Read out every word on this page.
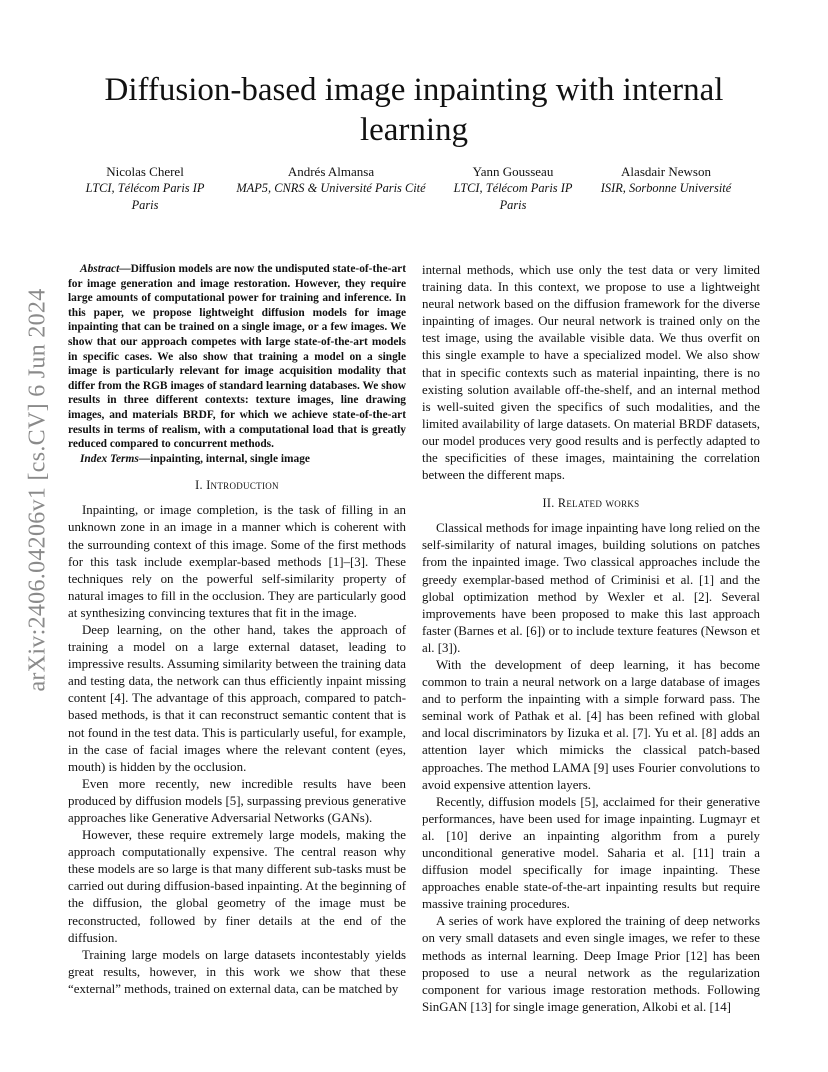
arXiv:2406.04206v1 [cs.CV] 6 Jun 2024
Diffusion-based image inpainting with internal learning
Nicolas Cherel
LTCI, Télécom Paris IP Paris
Andrés Almansa
MAP5, CNRS & Université Paris Cité
Yann Gousseau
LTCI, Télécom Paris IP Paris
Alasdair Newson
ISIR, Sorbonne Université

Abstract—Diffusion models are now the undisputed state-of-the-art for image generation and image restoration. However, they require large amounts of computational power for training and inference. In this paper, we propose lightweight diffusion models for image inpainting that can be trained on a single image, or a few images. We show that our approach competes with large state-of-the-art models in specific cases. We also show that training a model on a single image is particularly relevant for image acquisition modality that differ from the RGB images of standard learning databases. We show results in three different contexts: texture images, line drawing images, and materials BRDF, for which we achieve state-of-the-art results in terms of realism, with a computational load that is greatly reduced compared to concurrent methods.

Index Terms—inpainting, internal, single image

I. Introduction

Inpainting, or image completion, is the task of filling in an unknown zone in an image in a manner which is coherent with the surrounding context of this image. Some of the first methods for this task include exemplar-based methods [1]–[3]. These techniques rely on the powerful self-similarity property of natural images to fill in the occlusion. They are particularly good at synthesizing convincing textures that fit in the image.

Deep learning, on the other hand, takes the approach of training a model on a large external dataset, leading to impressive results. Assuming similarity between the training data and testing data, the network can thus efficiently inpaint missing content [4]. The advantage of this approach, compared to patch-based methods, is that it can reconstruct semantic content that is not found in the test data. This is particularly useful, for example, in the case of facial images where the relevant content (eyes, mouth) is hidden by the occlusion.

Even more recently, new incredible results have been produced by diffusion models [5], surpassing previous generative approaches like Generative Adversarial Networks (GANs).

However, these require extremely large models, making the approach computationally expensive. The central reason why these models are so large is that many different sub-tasks must be carried out during diffusion-based inpainting. At the beginning of the diffusion, the global geometry of the image must be reconstructed, followed by finer details at the end of the diffusion.

Training large models on large datasets incontestably yields great results, however, in this work we show that these “external” methods, trained on external data, can be matched by

internal methods, which use only the test data or very limited training data. In this context, we propose to use a lightweight neural network based on the diffusion framework for the diverse inpainting of images. Our neural network is trained only on the test image, using the available visible data. We thus overfit on this single example to have a specialized model. We also show that in specific contexts such as material inpainting, there is no existing solution available off-the-shelf, and an internal method is well-suited given the specifics of such modalities, and the limited availability of large datasets. On material BRDF datasets, our model produces very good results and is perfectly adapted to the specificities of these images, maintaining the correlation between the different maps.

II. Related works

Classical methods for image inpainting have long relied on the self-similarity of natural images, building solutions on patches from the inpainted image. Two classical approaches include the greedy exemplar-based method of Criminisi et al. [1] and the global optimization method by Wexler et al. [2]. Several improvements have been proposed to make this last approach faster (Barnes et al. [6]) or to include texture features (Newson et al. [3]).

With the development of deep learning, it has become common to train a neural network on a large database of images and to perform the inpainting with a simple forward pass. The seminal work of Pathak et al. [4] has been refined with global and local discriminators by Iizuka et al. [7]. Yu et al. [8] adds an attention layer which mimicks the classical patch-based approaches. The method LAMA [9] uses Fourier convolutions to avoid expensive attention layers.

Recently, diffusion models [5], acclaimed for their generative performances, have been used for image inpainting. Lugmayr et al. [10] derive an inpainting algorithm from a purely unconditional generative model. Saharia et al. [11] train a diffusion model specifically for image inpainting. These approaches enable state-of-the-art inpainting results but require massive training procedures.

A series of work have explored the training of deep networks on very small datasets and even single images, we refer to these methods as internal learning. Deep Image Prior [12] has been proposed to use a neural network as the regularization component for various image restoration methods. Following SinGAN [13] for single image generation, Alkobi et al. [14]
